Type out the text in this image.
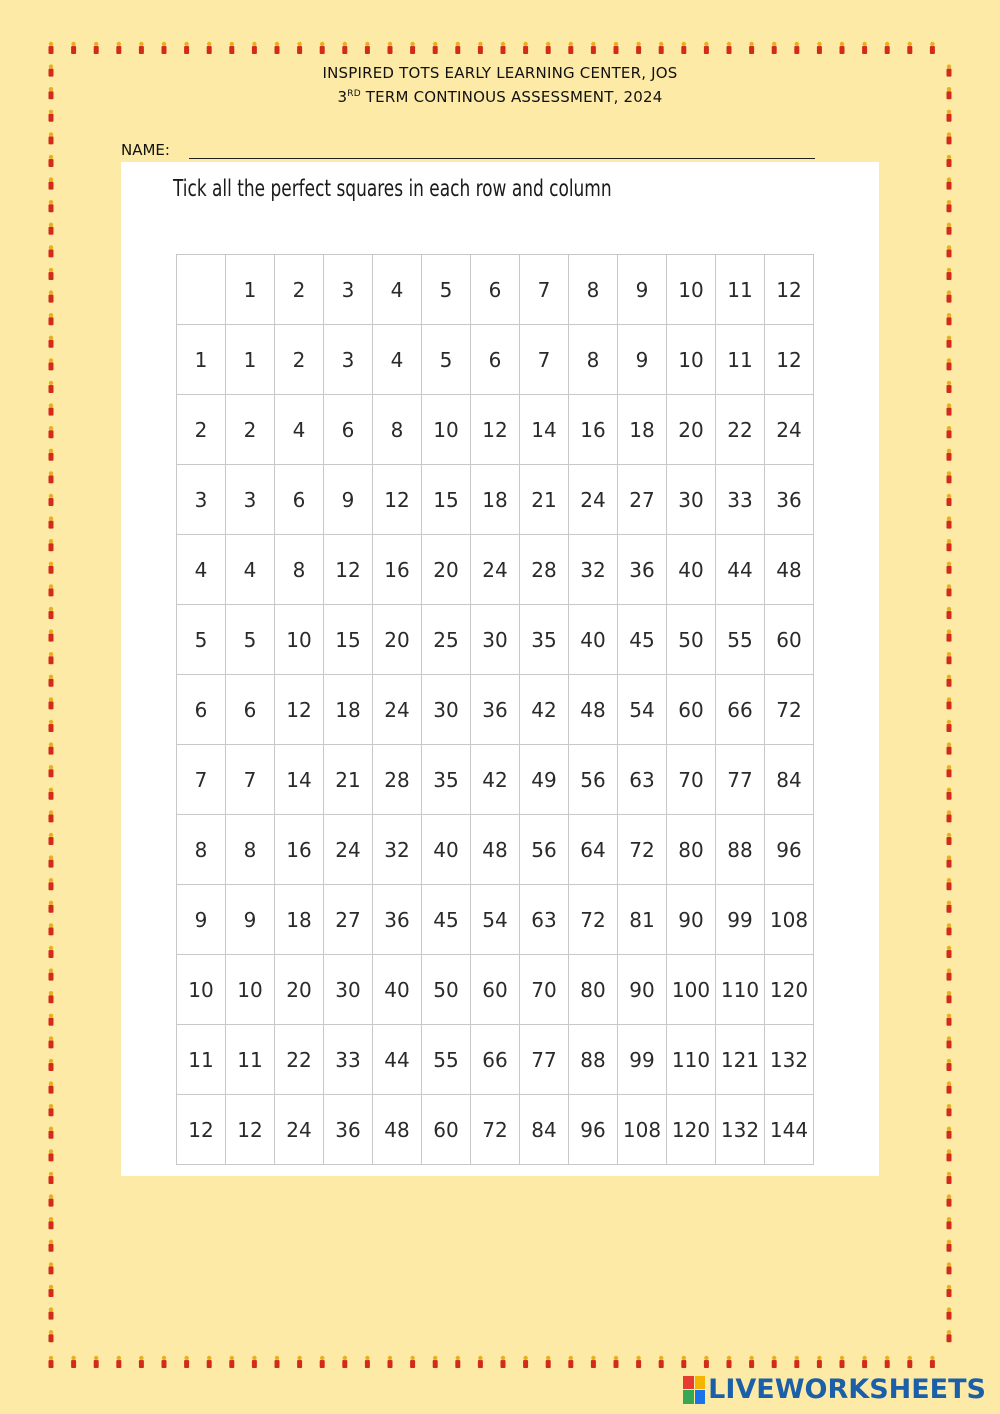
INSPIRED TOTS EARLY LEARNING CENTER, JOS
3RD TERM CONTINOUS ASSESSMENT, 2024
NAME:
Tick all the perfect squares in each row and column
	1	2	3	4	5	6	7	8	9	10	11	12
1	1	2	3	4	5	6	7	8	9	10	11	12
2	2	4	6	8	10	12	14	16	18	20	22	24
3	3	6	9	12	15	18	21	24	27	30	33	36
4	4	8	12	16	20	24	28	32	36	40	44	48
5	5	10	15	20	25	30	35	40	45	50	55	60
6	6	12	18	24	30	36	42	48	54	60	66	72
7	7	14	21	28	35	42	49	56	63	70	77	84
8	8	16	24	32	40	48	56	64	72	80	88	96
9	9	18	27	36	45	54	63	72	81	90	99	108
10	10	20	30	40	50	60	70	80	90	100	110	120
11	11	22	33	44	55	66	77	88	99	110	121	132
12	12	24	36	48	60	72	84	96	108	120	132	144
LIVEWORKSHEETS
